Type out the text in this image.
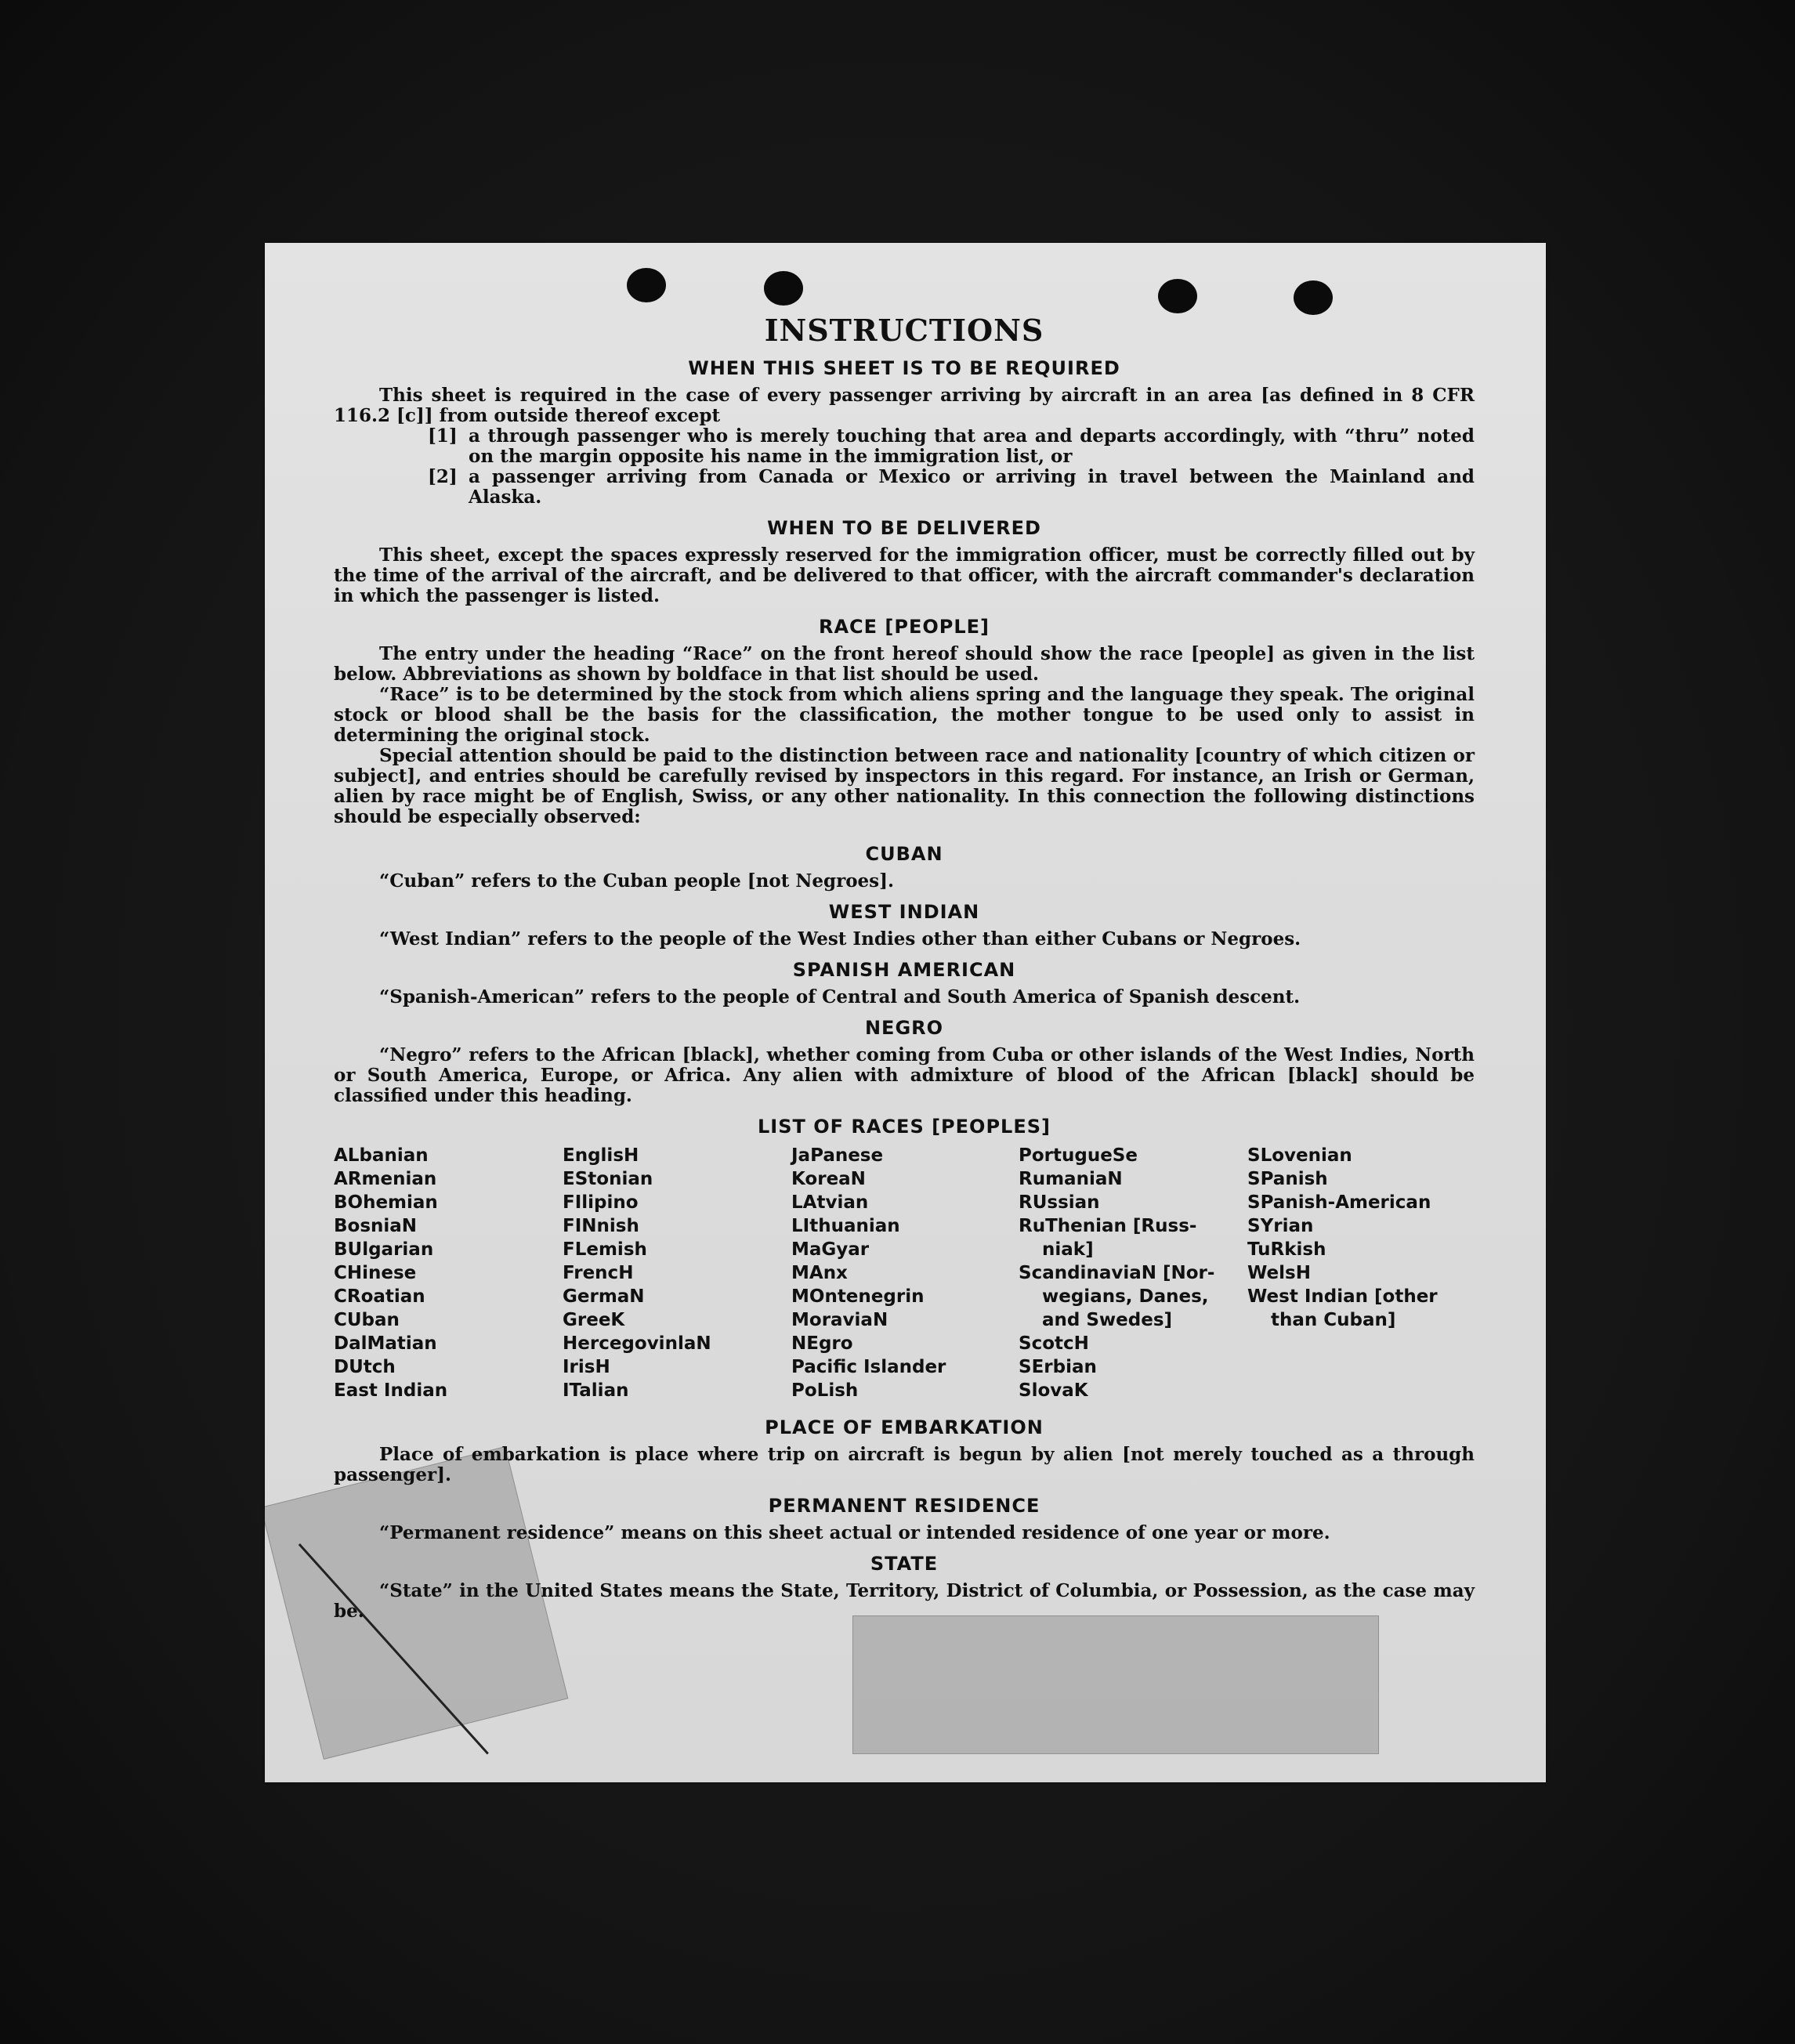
INSTRUCTIONS
WHEN THIS SHEET IS TO BE REQUIRED

This sheet is required in the case of every passenger arriving by aircraft in an area [as defined in 8 CFR 116.2 [c]] from outside thereof except

[1] a through passenger who is merely touching that area and departs accordingly, with “thru” noted on the margin opposite his name in the immigration list, or
[2] a passenger arriving from Canada or Mexico or arriving in travel between the Mainland and Alaska.
WHEN TO BE DELIVERED

This sheet, except the spaces expressly reserved for the immigration officer, must be correctly filled out by the time of the arrival of the aircraft, and be delivered to that officer, with the aircraft commander's declaration in which the passenger is listed.

RACE [PEOPLE]

The entry under the heading “Race” on the front hereof should show the race [people] as given in the list below. Abbreviations as shown by boldface in that list should be used.

“Race” is to be determined by the stock from which aliens spring and the language they speak. The original stock or blood shall be the basis for the classification, the mother tongue to be used only to assist in determining the original stock.

Special attention should be paid to the distinction between race and nationality [country of which citizen or subject], and entries should be carefully revised by inspectors in this regard. For instance, an Irish or German, alien by race might be of English, Swiss, or any other nationality. In this connection the following distinctions should be especially observed:

CUBAN

“Cuban” refers to the Cuban people [not Negroes].

WEST INDIAN

“West Indian” refers to the people of the West Indies other than either Cubans or Negroes.

SPANISH AMERICAN

“Spanish-American” refers to the people of Central and South America of Spanish descent.

NEGRO

“Negro” refers to the African [black], whether coming from Cuba or other islands of the West Indies, North or South America, Europe, or Africa. Any alien with admixture of blood of the African [black] should be classified under this heading.

LIST OF RACES [PEOPLES]
ALbanian
ARmenian
BOhemian
BosniaN
BUlgarian
CHinese
CRoatian
CUban
DalMatian
DUtch
East Indian
EnglisH
EStonian
FIlipino
FINnish
FLemish
FrencH
GermaN
GreeK
HercegovinlaN
IrisH
ITalian
JaPanese
KoreaN
LAtvian
LIthuanian
MaGyar
MAnx
MOntenegrin
MoraviaN
NEgro
Pacific Islander
PoLish
PortugueSe
RumaniaN
RUssian
RuThenian [Russ-
niak]
ScandinaviaN [Nor-
wegians, Danes,
and Swedes]
ScotcH
SErbian
SlovaK
SLovenian
SPanish
SPanish-American
SYrian
TuRkish
WelsH
West Indian [other
than Cuban]
PLACE OF EMBARKATION

Place of embarkation is place where trip on aircraft is begun by alien [not merely touched as a through passenger].

PERMANENT RESIDENCE

“Permanent residence” means on this sheet actual or intended residence of one year or more.

STATE

“State” in the United States means the State, Territory, District of Columbia, or Possession, as the case may be.
